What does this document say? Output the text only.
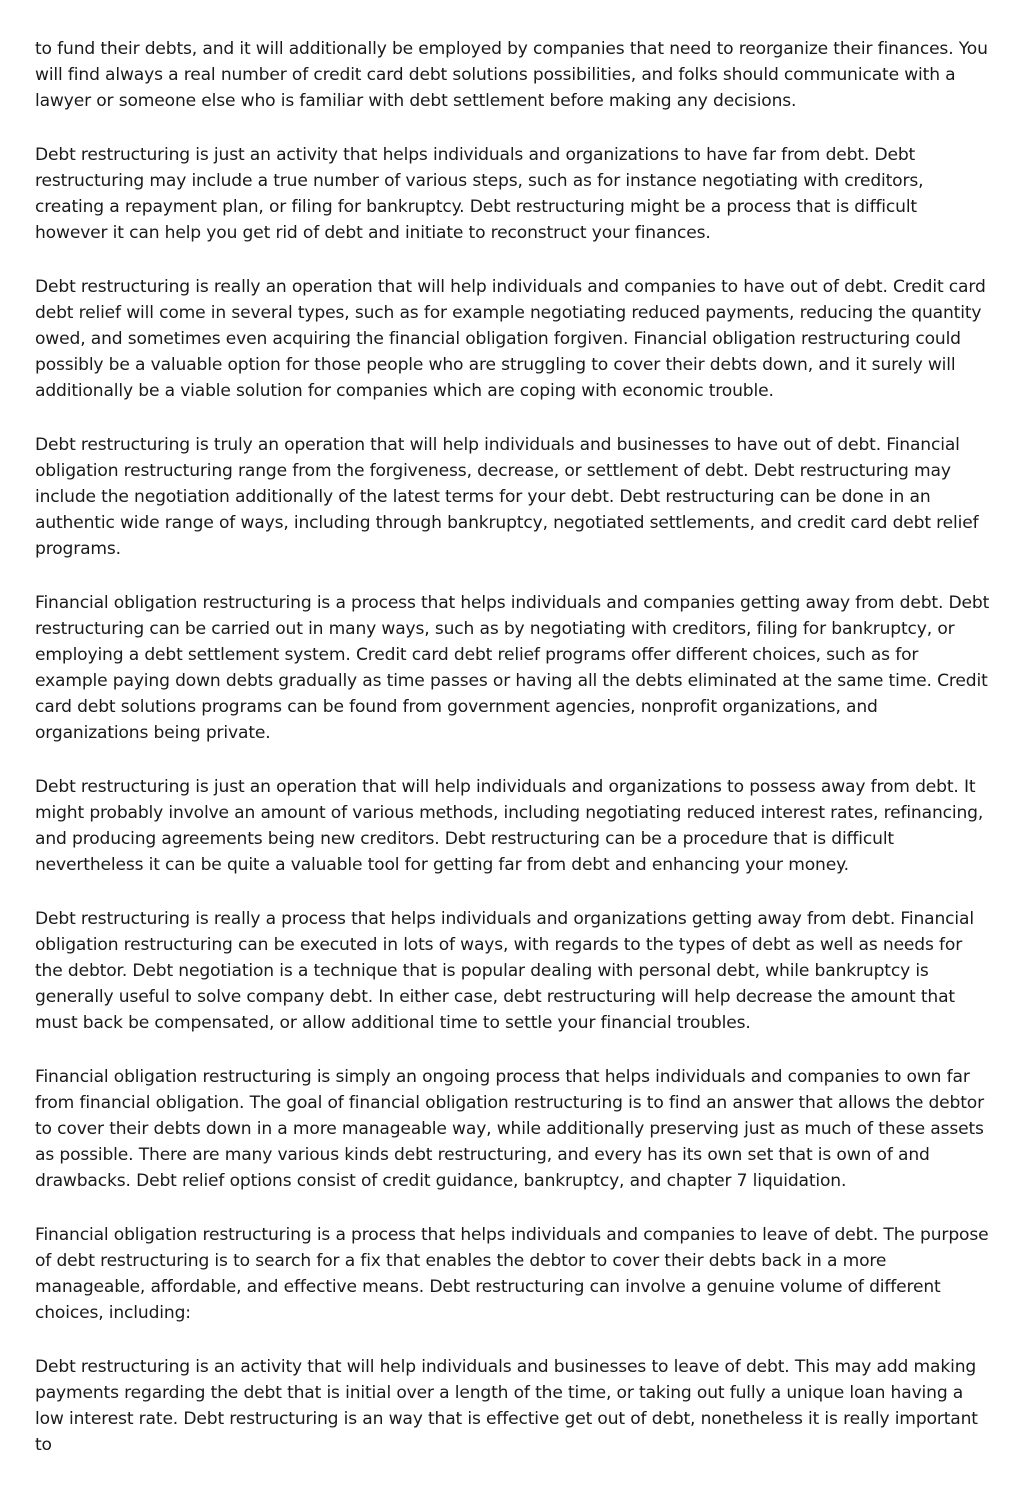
to fund their debts, and it will additionally be employed by companies that need to reorganize their finances. You will find always a real number of credit card debt solutions possibilities, and folks should communicate with a lawyer or someone else who is familiar with debt settlement before making any decisions.

Debt restructuring is just an activity that helps individuals and organizations to have far from debt. Debt restructuring may include a true number of various steps, such as for instance negotiating with creditors, creating a repayment plan, or filing for bankruptcy. Debt restructuring might be a process that is difficult however it can help you get rid of debt and initiate to reconstruct your finances.

Debt restructuring is really an operation that will help individuals and companies to have out of debt. Credit card debt relief will come in several types, such as for example negotiating reduced payments, reducing the quantity owed, and sometimes even acquiring the financial obligation forgiven. Financial obligation restructuring could possibly be a valuable option for those people who are struggling to cover their debts down, and it surely will additionally be a viable solution for companies which are coping with economic trouble.

Debt restructuring is truly an operation that will help individuals and businesses to have out of debt. Financial obligation restructuring range from the forgiveness, decrease, or settlement of debt. Debt restructuring may include the negotiation additionally of the latest terms for your debt. Debt restructuring can be done in an authentic wide range of ways, including through bankruptcy, negotiated settlements, and credit card debt relief programs.

Financial obligation restructuring is a process that helps individuals and companies getting away from debt. Debt restructuring can be carried out in many ways, such as by negotiating with creditors, filing for bankruptcy, or employing a debt settlement system. Credit card debt relief programs offer different choices, such as for example paying down debts gradually as time passes or having all the debts eliminated at the same time. Credit card debt solutions programs can be found from government agencies, nonprofit organizations, and organizations being private.

Debt restructuring is just an operation that will help individuals and organizations to possess away from debt. It might probably involve an amount of various methods, including negotiating reduced interest rates, refinancing, and producing agreements being new creditors. Debt restructuring can be a procedure that is difficult nevertheless it can be quite a valuable tool for getting far from debt and enhancing your money.

Debt restructuring is really a process that helps individuals and organizations getting away from debt. Financial obligation restructuring can be executed in lots of ways, with regards to the types of debt as well as needs for the debtor. Debt negotiation is a technique that is popular dealing with personal debt, while bankruptcy is generally useful to solve company debt. In either case, debt restructuring will help decrease the amount that must back be compensated, or allow additional time to settle your financial troubles.

Financial obligation restructuring is simply an ongoing process that helps individuals and companies to own far from financial obligation. The goal of financial obligation restructuring is to find an answer that allows the debtor to cover their debts down in a more manageable way, while additionally preserving just as much of these assets as possible. There are many various kinds debt restructuring, and every has its own set that is own of and drawbacks. Debt relief options consist of credit guidance, bankruptcy, and chapter 7 liquidation.

Financial obligation restructuring is a process that helps individuals and companies to leave of debt. The purpose of debt restructuring is to search for a fix that enables the debtor to cover their debts back in a more manageable, affordable, and effective means. Debt restructuring can involve a genuine volume of different choices, including:

Debt restructuring is an activity that will help individuals and businesses to leave of debt. This may add making payments regarding the debt that is initial over a length of the time, or taking out fully a unique loan having a low interest rate. Debt restructuring is an way that is effective get out of debt, nonetheless it is really important to
